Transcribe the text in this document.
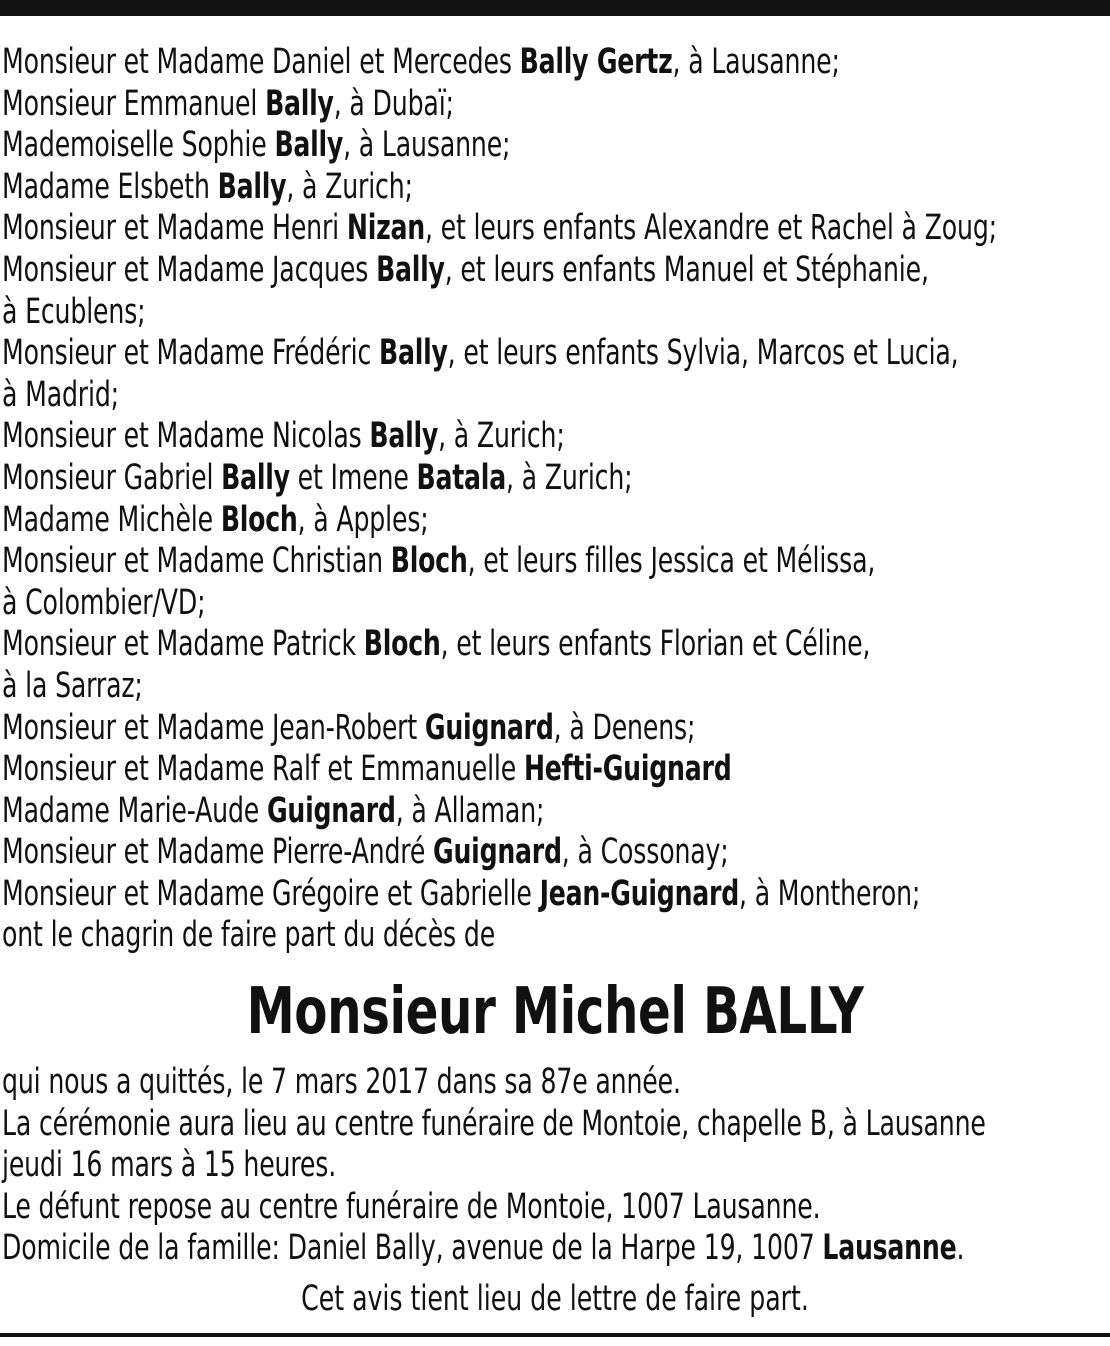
Monsieur et Madame Daniel et Mercedes Bally Gertz, à Lausanne;
Monsieur Emmanuel Bally, à Dubaï;
Mademoiselle Sophie Bally, à Lausanne;
Madame Elsbeth Bally, à Zurich;
Monsieur et Madame Henri Nizan, et leurs enfants Alexandre et Rachel à Zoug;
Monsieur et Madame Jacques Bally, et leurs enfants Manuel et Stéphanie,
à Ecublens;
Monsieur et Madame Frédéric Bally, et leurs enfants Sylvia, Marcos et Lucia,
à Madrid;
Monsieur et Madame Nicolas Bally, à Zurich;
Monsieur Gabriel Bally et Imene Batala, à Zurich;
Madame Michèle Bloch, à Apples;
Monsieur et Madame Christian Bloch, et leurs filles Jessica et Mélissa,
à Colombier/VD;
Monsieur et Madame Patrick Bloch, et leurs enfants Florian et Céline,
à la Sarraz;
Monsieur et Madame Jean-Robert Guignard, à Denens;
Monsieur et Madame Ralf et Emmanuelle Hefti-Guignard
Madame Marie-Aude Guignard, à Allaman;
Monsieur et Madame Pierre-André Guignard, à Cossonay;
Monsieur et Madame Grégoire et Gabrielle Jean-Guignard, à Montheron;
ont le chagrin de faire part du décès de
Monsieur Michel BALLY
qui nous a quittés, le 7 mars 2017 dans sa 87e année.
La cérémonie aura lieu au centre funéraire de Montoie, chapelle B, à Lausanne
jeudi 16 mars à 15 heures.
Le défunt repose au centre funéraire de Montoie, 1007 Lausanne.
Domicile de la famille: Daniel Bally, avenue de la Harpe 19, 1007 Lausanne.
Cet avis tient lieu de lettre de faire part.
